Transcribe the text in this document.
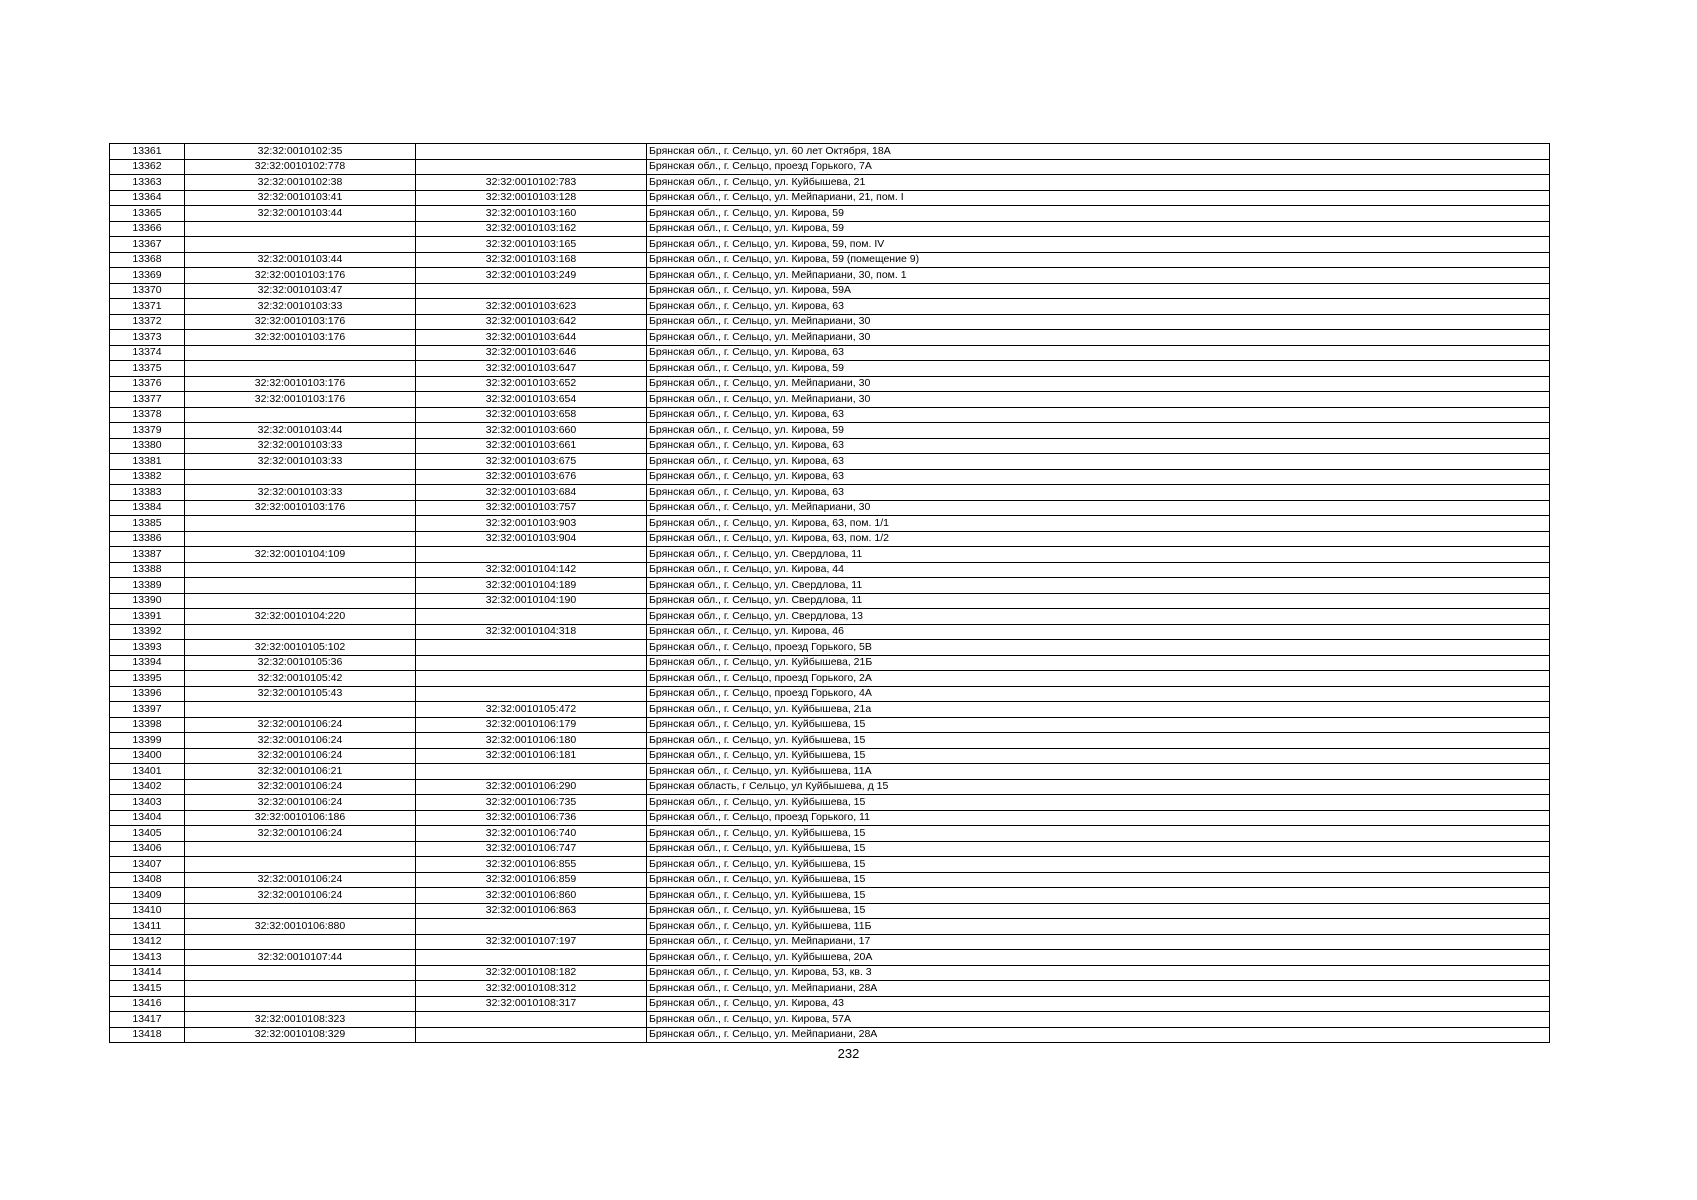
13361	32:32:0010102:35		Брянская обл., г. Сельцо, ул. 60 лет Октября, 18А
13362	32:32:0010102:778		Брянская обл., г. Сельцо, проезд Горького, 7А
13363	32:32:0010102:38	32:32:0010102:783	Брянская обл., г. Сельцо, ул. Куйбышева, 21
13364	32:32:0010103:41	32:32:0010103:128	Брянская обл., г. Сельцо, ул. Мейпариани, 21, пом. I
13365	32:32:0010103:44	32:32:0010103:160	Брянская обл., г. Сельцо, ул. Кирова, 59
13366		32:32:0010103:162	Брянская обл., г. Сельцо, ул. Кирова, 59
13367		32:32:0010103:165	Брянская обл., г. Сельцо, ул. Кирова, 59, пом. IV
13368	32:32:0010103:44	32:32:0010103:168	Брянская обл., г. Сельцо, ул. Кирова, 59 (помещение 9)
13369	32:32:0010103:176	32:32:0010103:249	Брянская обл., г. Сельцо, ул. Мейпариани, 30, пом. 1
13370	32:32:0010103:47		Брянская обл., г. Сельцо, ул. Кирова, 59А
13371	32:32:0010103:33	32:32:0010103:623	Брянская обл., г. Сельцо, ул. Кирова, 63
13372	32:32:0010103:176	32:32:0010103:642	Брянская обл., г. Сельцо, ул. Мейпариани, 30
13373	32:32:0010103:176	32:32:0010103:644	Брянская обл., г. Сельцо, ул. Мейпариани, 30
13374		32:32:0010103:646	Брянская обл., г. Сельцо, ул. Кирова, 63
13375		32:32:0010103:647	Брянская обл., г. Сельцо, ул. Кирова, 59
13376	32:32:0010103:176	32:32:0010103:652	Брянская обл., г. Сельцо, ул. Мейпариани, 30
13377	32:32:0010103:176	32:32:0010103:654	Брянская обл., г. Сельцо, ул. Мейпариани, 30
13378		32:32:0010103:658	Брянская обл., г. Сельцо, ул. Кирова, 63
13379	32:32:0010103:44	32:32:0010103:660	Брянская обл., г. Сельцо, ул. Кирова, 59
13380	32:32:0010103:33	32:32:0010103:661	Брянская обл., г. Сельцо, ул. Кирова, 63
13381	32:32:0010103:33	32:32:0010103:675	Брянская обл., г. Сельцо, ул. Кирова, 63
13382		32:32:0010103:676	Брянская обл., г. Сельцо, ул. Кирова, 63
13383	32:32:0010103:33	32:32:0010103:684	Брянская обл., г. Сельцо, ул. Кирова, 63
13384	32:32:0010103:176	32:32:0010103:757	Брянская обл., г. Сельцо, ул. Мейпариани, 30
13385		32:32:0010103:903	Брянская обл., г. Сельцо, ул. Кирова, 63, пом. 1/1
13386		32:32:0010103:904	Брянская обл., г. Сельцо, ул. Кирова, 63, пом. 1/2
13387	32:32:0010104:109		Брянская обл., г. Сельцо, ул. Свердлова, 11
13388		32:32:0010104:142	Брянская обл., г. Сельцо, ул. Кирова, 44
13389		32:32:0010104:189	Брянская обл., г. Сельцо, ул. Свердлова, 11
13390		32:32:0010104:190	Брянская обл., г. Сельцо, ул. Свердлова, 11
13391	32:32:0010104:220		Брянская обл., г. Сельцо, ул. Свердлова, 13
13392		32:32:0010104:318	Брянская обл., г. Сельцо, ул. Кирова, 46
13393	32:32:0010105:102		Брянская обл., г. Сельцо, проезд Горького, 5В
13394	32:32:0010105:36		Брянская обл., г. Сельцо, ул. Куйбышева, 21Б
13395	32:32:0010105:42		Брянская обл., г. Сельцо, проезд Горького, 2А
13396	32:32:0010105:43		Брянская обл., г. Сельцо, проезд Горького, 4А
13397		32:32:0010105:472	Брянская обл., г. Сельцо, ул. Куйбышева, 21а
13398	32:32:0010106:24	32:32:0010106:179	Брянская обл., г. Сельцо, ул. Куйбышева, 15
13399	32:32:0010106:24	32:32:0010106:180	Брянская обл., г. Сельцо, ул. Куйбышева, 15
13400	32:32:0010106:24	32:32:0010106:181	Брянская обл., г. Сельцо, ул. Куйбышева, 15
13401	32:32:0010106:21		Брянская обл., г. Сельцо, ул. Куйбышева, 11А
13402	32:32:0010106:24	32:32:0010106:290	Брянская область, г Сельцо, ул Куйбышева, д 15
13403	32:32:0010106:24	32:32:0010106:735	Брянская обл., г. Сельцо, ул. Куйбышева, 15
13404	32:32:0010106:186	32:32:0010106:736	Брянская обл., г. Сельцо, проезд Горького, 11
13405	32:32:0010106:24	32:32:0010106:740	Брянская обл., г. Сельцо, ул. Куйбышева, 15
13406		32:32:0010106:747	Брянская обл., г. Сельцо, ул. Куйбышева, 15
13407		32:32:0010106:855	Брянская обл., г. Сельцо, ул. Куйбышева, 15
13408	32:32:0010106:24	32:32:0010106:859	Брянская обл., г. Сельцо, ул. Куйбышева, 15
13409	32:32:0010106:24	32:32:0010106:860	Брянская обл., г. Сельцо, ул. Куйбышева, 15
13410		32:32:0010106:863	Брянская обл., г. Сельцо, ул. Куйбышева, 15
13411	32:32:0010106:880		Брянская обл., г. Сельцо, ул. Куйбышева, 11Б
13412		32:32:0010107:197	Брянская обл., г. Сельцо, ул. Мейпариани, 17
13413	32:32:0010107:44		Брянская обл., г. Сельцо, ул. Куйбышева, 20А
13414		32:32:0010108:182	Брянская обл., г. Сельцо, ул. Кирова, 53, кв. 3
13415		32:32:0010108:312	Брянская обл., г. Сельцо, ул. Мейпариани, 28А
13416		32:32:0010108:317	Брянская обл., г. Сельцо, ул. Кирова, 43
13417	32:32:0010108:323		Брянская обл., г. Сельцо, ул. Кирова, 57А
13418	32:32:0010108:329		Брянская обл., г. Сельцо, ул. Мейпариани, 28А
232
